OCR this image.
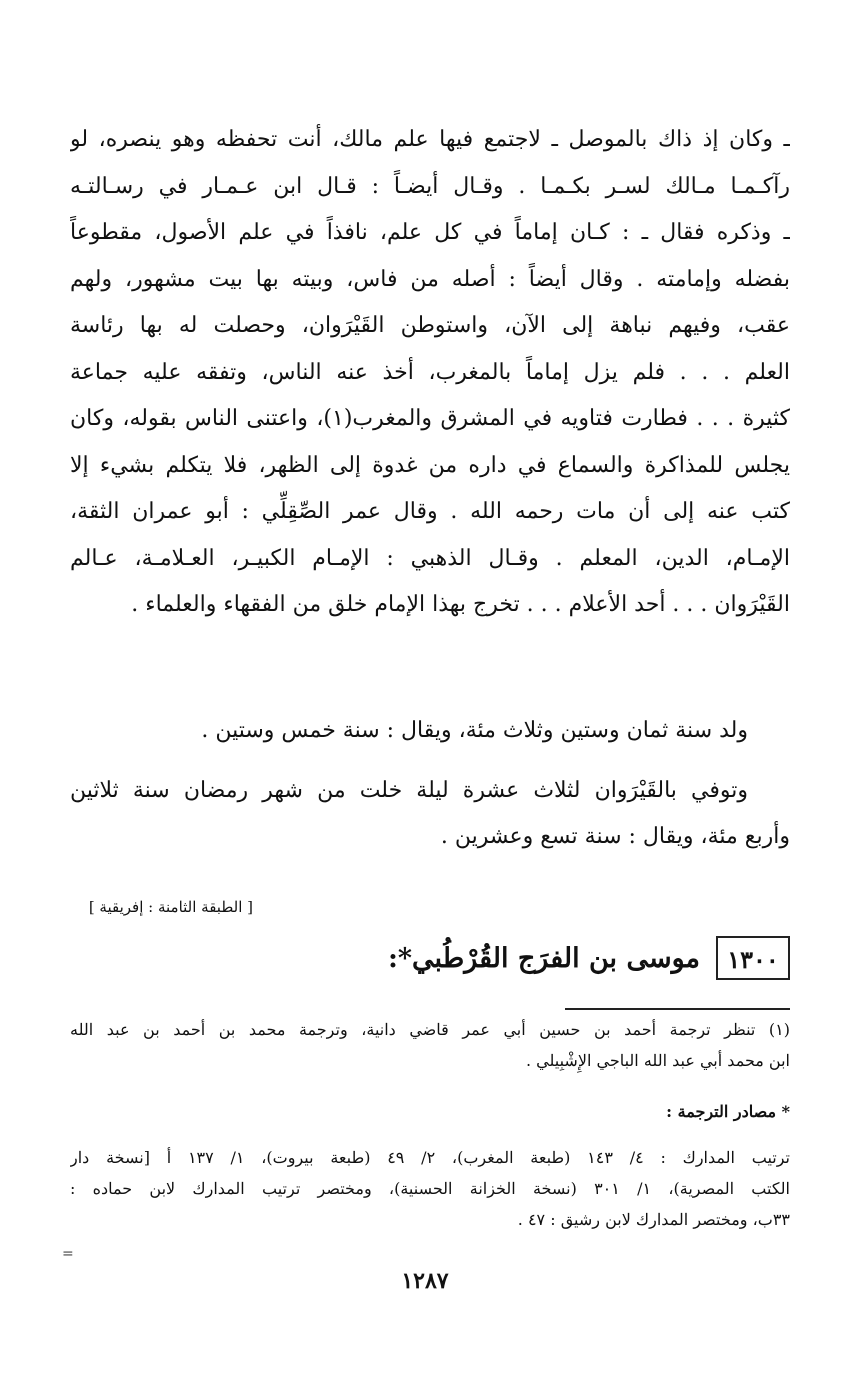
ـ وكان إذ ذاك بالموصل ـ لاجتمع فيها علم مالك، أنت تحفظه وهو ينصره، لو
رآكـمـا مـالك لسـر بكـمـا . وقـال أيضـاً : قـال ابن عـمـار في رسـالتـه
ـ وذكره فقال ـ : كـان إماماً في كل علم، نافذاً في علم الأصول، مقطوعاً
بفضله وإمامته . وقال أيضاً : أصله من فاس، وبيته بها بيت مشهور، ولهم
عقب، وفيهم نباهة إلى الآن، واستوطن القَيْرَوان، وحصلت له بها رئاسة
العلم . . . فلم يزل إماماً بالمغرب، أخذ عنه الناس، وتفقه عليه جماعة
كثيرة . . . فطارت فتاويه في المشرق والمغرب(١)، واعتنى الناس بقوله، وكان
يجلس للمذاكرة والسماع في داره من غدوة إلى الظهر، فلا يتكلم بشيء إلا
كتب عنه إلى أن مات رحمه الله . وقال عمر الصِّقِلِّي : أبو عمران الثقة،
الإمـام، الدين، المعلم . وقـال الذهبي : الإمـام الكبيـر، العـلامـة، عـالم
القَيْرَوان . . . أحد الأعلام . . . تخرج بهذا الإمام خلق من الفقهاء والعلماء .
ولد سنة ثمان وستين وثلاث مئة، ويقال : سنة خمس وستين .
وتوفي بالقَيْرَوان لثلاث عشرة ليلة خلت من شهر رمضان سنة ثلاثين
وأربع مئة، ويقال : سنة تسع وعشرين .
[ الطبقة الثامنة : إفريقية ]
١٣٠٠
موسى بن الفرَج القُرْطُبي*:
(١) تنظر ترجمة أحمد بن حسين أبي عمر قاضي دانية، وترجمة محمد بن أحمد بن عبد الله
ابن محمد أبي عبد الله الباجي الإِشْبِيلي .
* مصادر الترجمة :
ترتيب المدارك : ٤/ ١٤٣ (طبعة المغرب)، ٢/ ٤٩ (طبعة بيروت)، ١/ ١٣٧ أ [نسخة دار
الكتب المصرية)، ١/ ٣٠١ (نسخة الخزانة الحسنية)، ومختصر ترتيب المدارك لابن حماده :
٣٣ب، ومختصر المدارك لابن رشيق : ٤٧ .
=
١٢٨٧
